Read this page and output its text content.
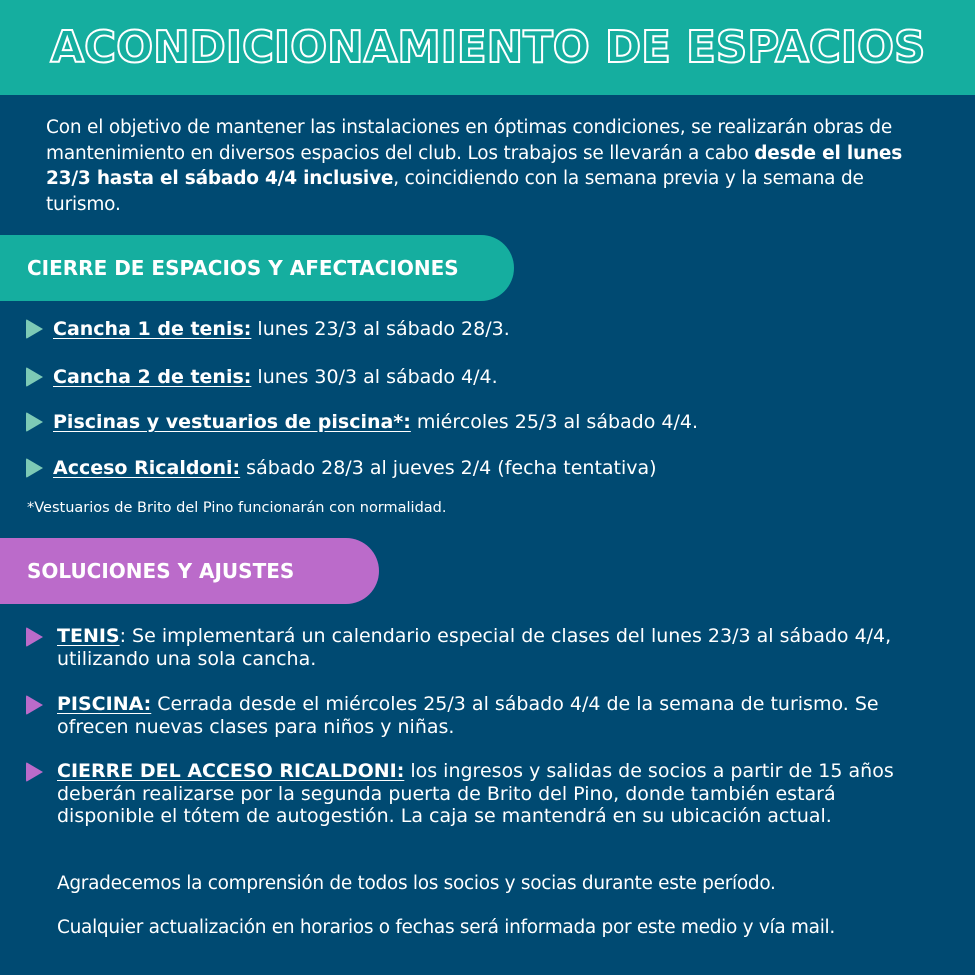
ACONDICIONAMIENTO DE ESPACIOS
Con el objetivo de mantener las instalaciones en óptimas condiciones, se realizarán obras de mantenimiento en diversos espacios del club. Los trabajos se llevarán a cabo desde el lunes 23/3 hasta el sábado 4/4 inclusive, coincidiendo con la semana previa y la semana de turismo.
CIERRE DE ESPACIOS Y AFECTACIONES
Cancha 1 de tenis: lunes 23/3 al sábado 28/3.
Cancha 2 de tenis: lunes 30/3 al sábado 4/4.
Piscinas y vestuarios de piscina*: miércoles 25/3 al sábado 4/4.
Acceso Ricaldoni: sábado 28/3 al jueves 2/4 (fecha tentativa)
*Vestuarios de Brito del Pino funcionarán con normalidad.
SOLUCIONES Y AJUSTES
TENIS: Se implementará un calendario especial de clases del lunes 23/3 al sábado 4/4, utilizando una sola cancha.
PISCINA: Cerrada desde el miércoles 25/3 al sábado 4/4 de la semana de turismo. Se ofrecen nuevas clases para niños y niñas.
CIERRE DEL ACCESO RICALDONI: los ingresos y salidas de socios a partir de 15 años deberán realizarse por la segunda puerta de Brito del Pino, donde también estará disponible el tótem de autogestión. La caja se mantendrá en su ubicación actual.
Agradecemos la comprensión de todos los socios y socias durante este período.
Cualquier actualización en horarios o fechas será informada por este medio y vía mail.
